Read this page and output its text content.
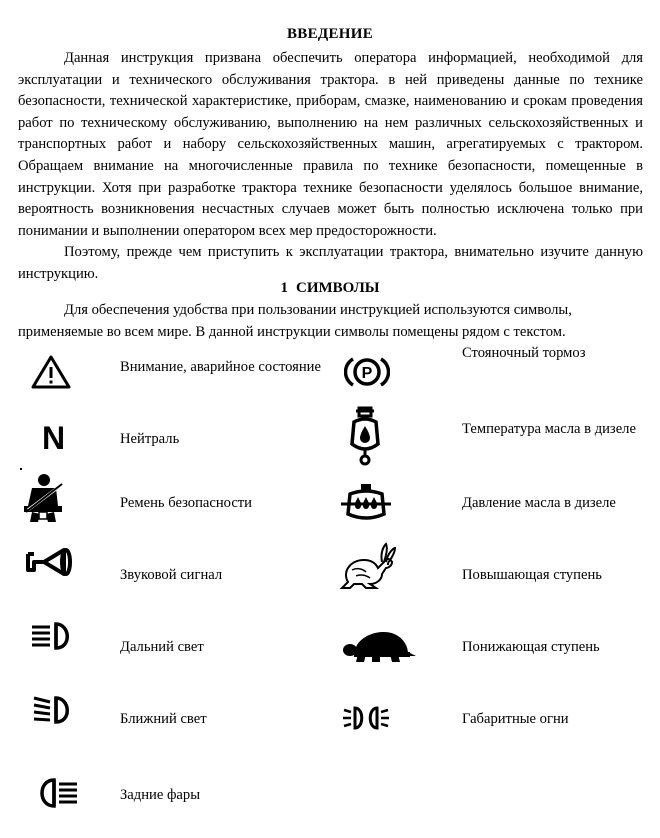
ВВЕДЕНИЕ

Данная инструкция призвана обеспечить оператора информацией, необходимой для эксплуатации и технического обслуживания трактора. в ней приведены данные по технике безопасности, технической характеристике, приборам, смазке, наименованию и срокам проведения работ по техническому обслуживанию, выполнению на нем различных сельскохозяйственных и транспортных работ и набору сельскохозяйственных машин, агрегатируемых с трактором. Обращаем внимание на многочисленные правила по технике безопасности, помещенные в инструкции. Хотя при разработке трактора технике безопасности уделялось большое внимание, вероятность возникновения несчастных случаев может быть полностью исключена только при понимании и выполнении оператором всех мер предосторожности.

Поэтому, прежде чем приступить к эксплуатации трактора, внимательно изучите данную инструкцию.

1 СИМВОЛЫ

Для обеспечения удобства при пользовании инструкцией используются символы, применяемые во всем мире. В данной инструкции символы помещены рядом с текстом.

Внимание, аварийное состояние
N	Нейтраль
Ремень безопасности
Звуковой сигнал
Дальний свет
Ближний свет
Задние фары
P
Стояночный тормоз
Температура масла в дизеле
Давление масла в дизеле
Повышающая ступень
Понижающая ступень
Габаритные огни
